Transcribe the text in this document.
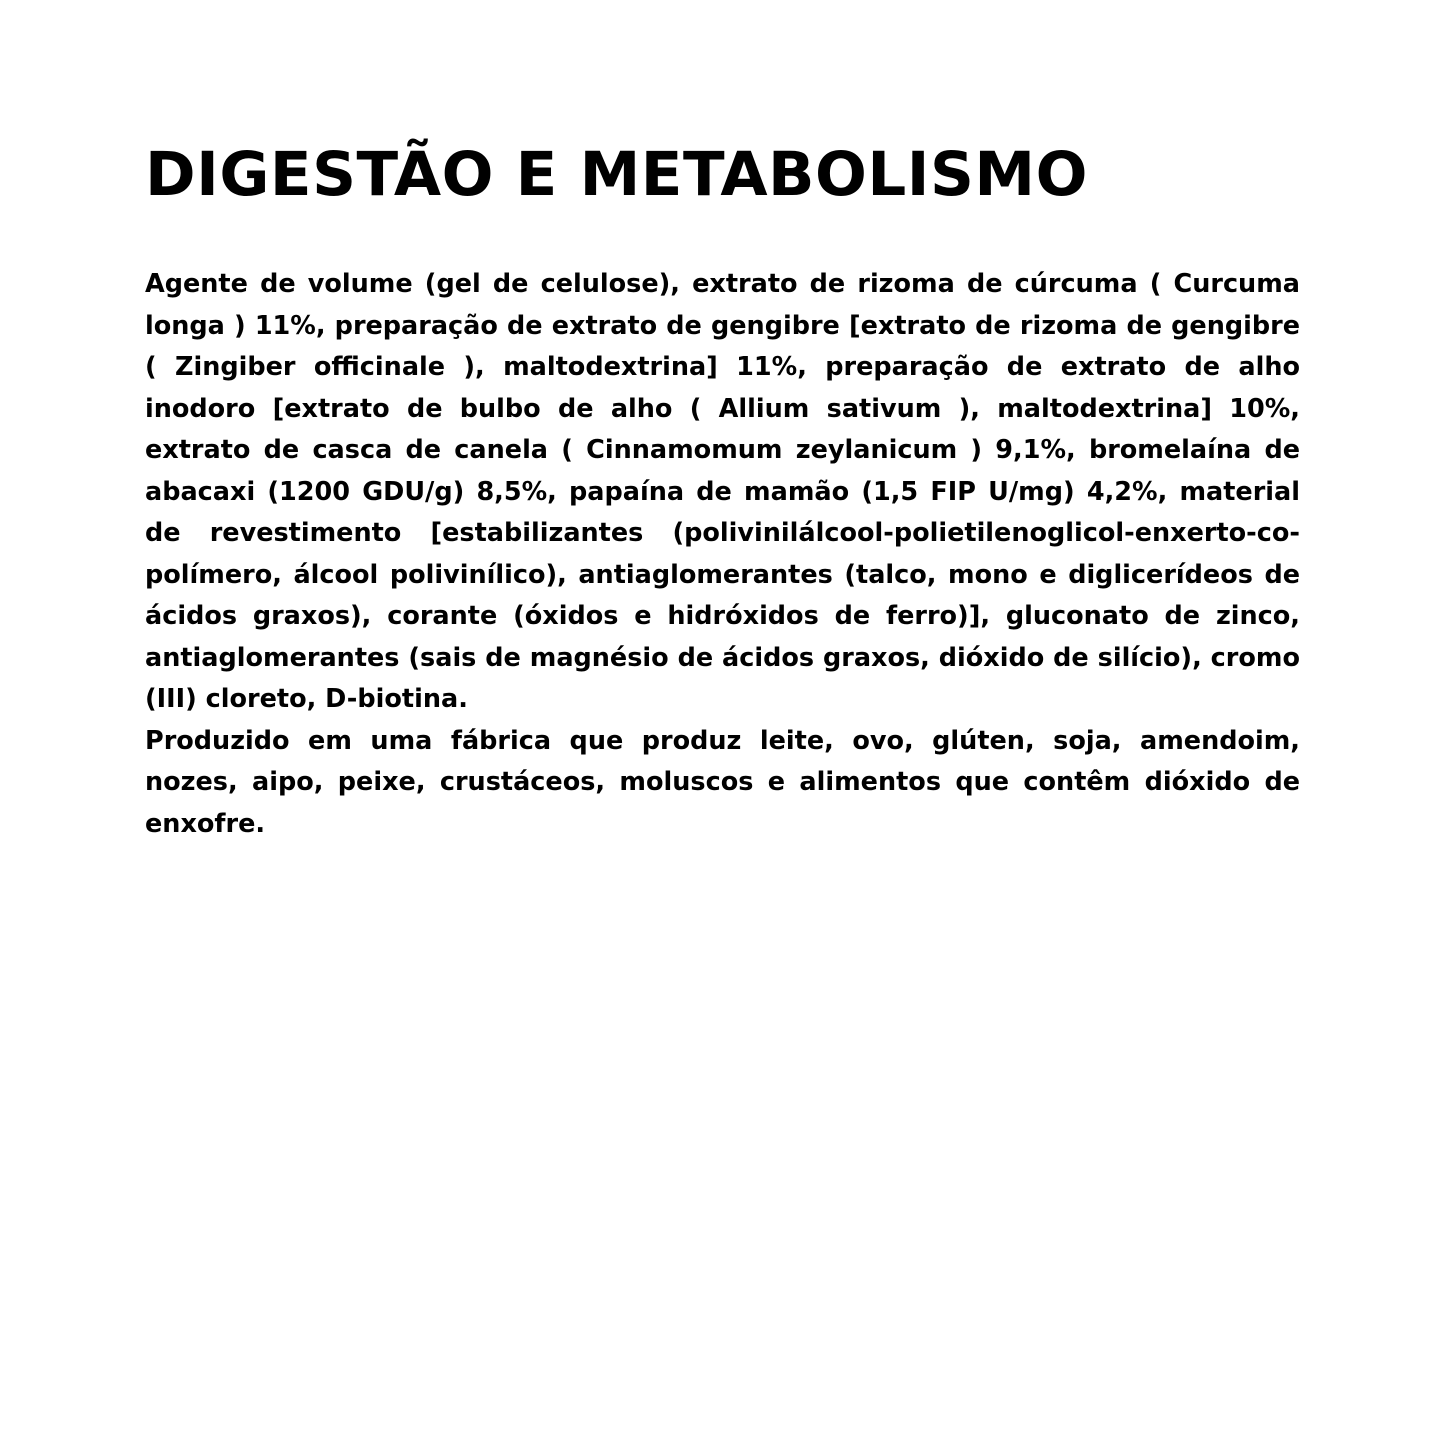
DIGESTÃO E METABOLISMO

Agente de volume (gel de celulose), extrato de rizoma de cúrcuma ( Curcuma longa ) 11%, preparação de extrato de gengibre [extrato de rizoma de gengibre ( Zingiber officinale ), maltodextrina] 11%, preparação de extrato de alho inodoro [extrato de bulbo de alho ( Allium sativum ), maltodextrina] 10%, extrato de casca de canela ( Cinnamomum zeylanicum ) 9,1%, bromelaína de abacaxi (1200 GDU/g) 8,5%, papaína de mamão (1,5 FIP U/mg) 4,2%, material de revestimento [estabilizantes (polivinilálcool-polietilenoglicol-enxerto-co-polímero, álcool polivinílico), antiaglomerantes (talco, mono e diglicerídeos de ácidos graxos), corante (óxidos e hidróxidos de ferro)], gluconato de zinco, antiaglomerantes (sais de magnésio de ácidos graxos, dióxido de silício), cromo (III) cloreto, D-biotina.

Produzido em uma fábrica que produz leite, ovo, glúten, soja, amendoim, nozes, aipo, peixe, crustáceos, moluscos e alimentos que contêm dióxido de enxofre.
